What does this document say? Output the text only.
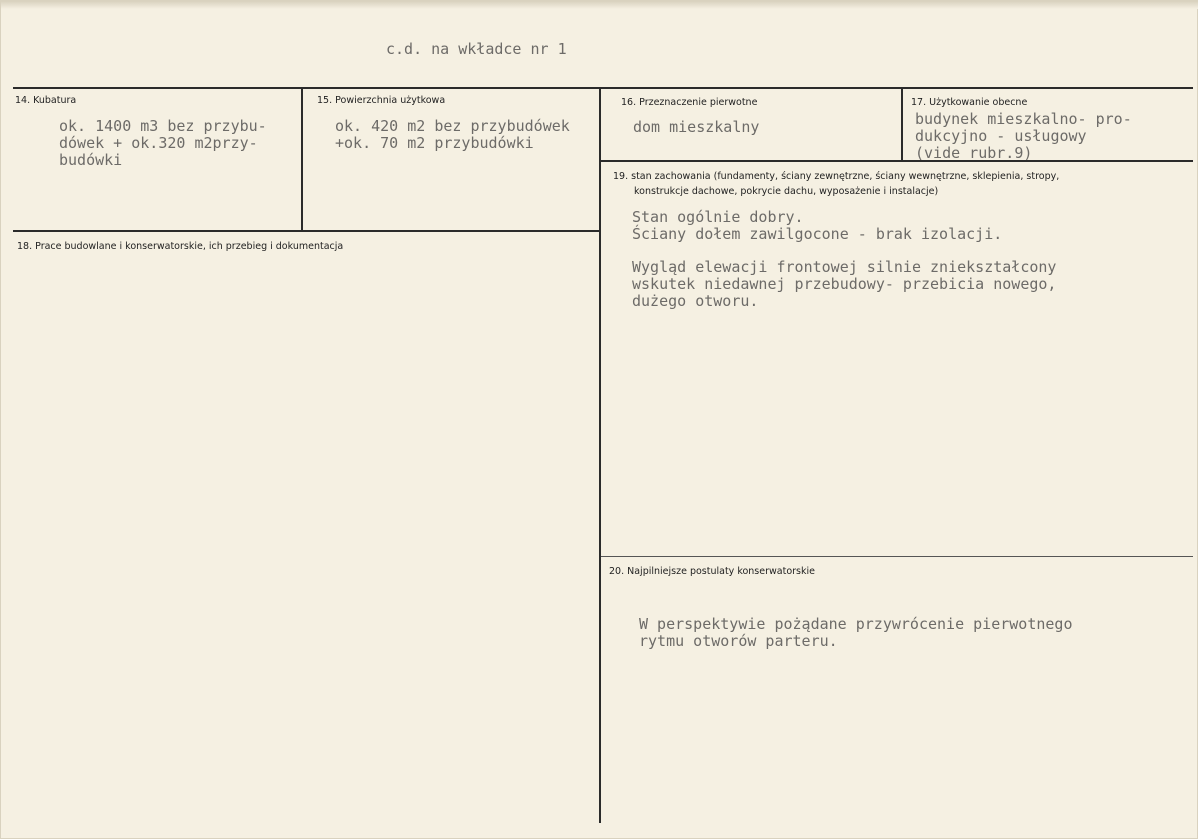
c.d. na wkładce nr 1
14. Kubatura
ok. 1400 m3 bez przybu-
dówek + ok.320 m2przy-
budówki
15. Powierzchnia użytkowa
ok. 420 m2 bez przybudówek
+ok. 70 m2 przybudówki
16. Przeznaczenie pierwotne
dom mieszkalny
17. Użytkowanie obecne
budynek mieszkalno- pro-
dukcyjno - usługowy
(vide rubr.9)
18. Prace budowlane i konserwatorskie, ich przebieg i dokumentacja
19. stan zachowania (fundamenty, ściany zewnętrzne, ściany wewnętrzne, sklepienia, stropy,
konstrukcje dachowe, pokrycie dachu, wyposażenie i instalacje)
Stan ogólnie dobry.
Ściany dołem zawilgocone - brak izolacji.
Wygląd elewacji frontowej silnie zniekształcony
wskutek niedawnej przebudowy- przebicia nowego,
dużego otworu.
20. Najpilniejsze postulaty konserwatorskie
W perspektywie pożądane przywrócenie pierwotnego
rytmu otworów parteru.
